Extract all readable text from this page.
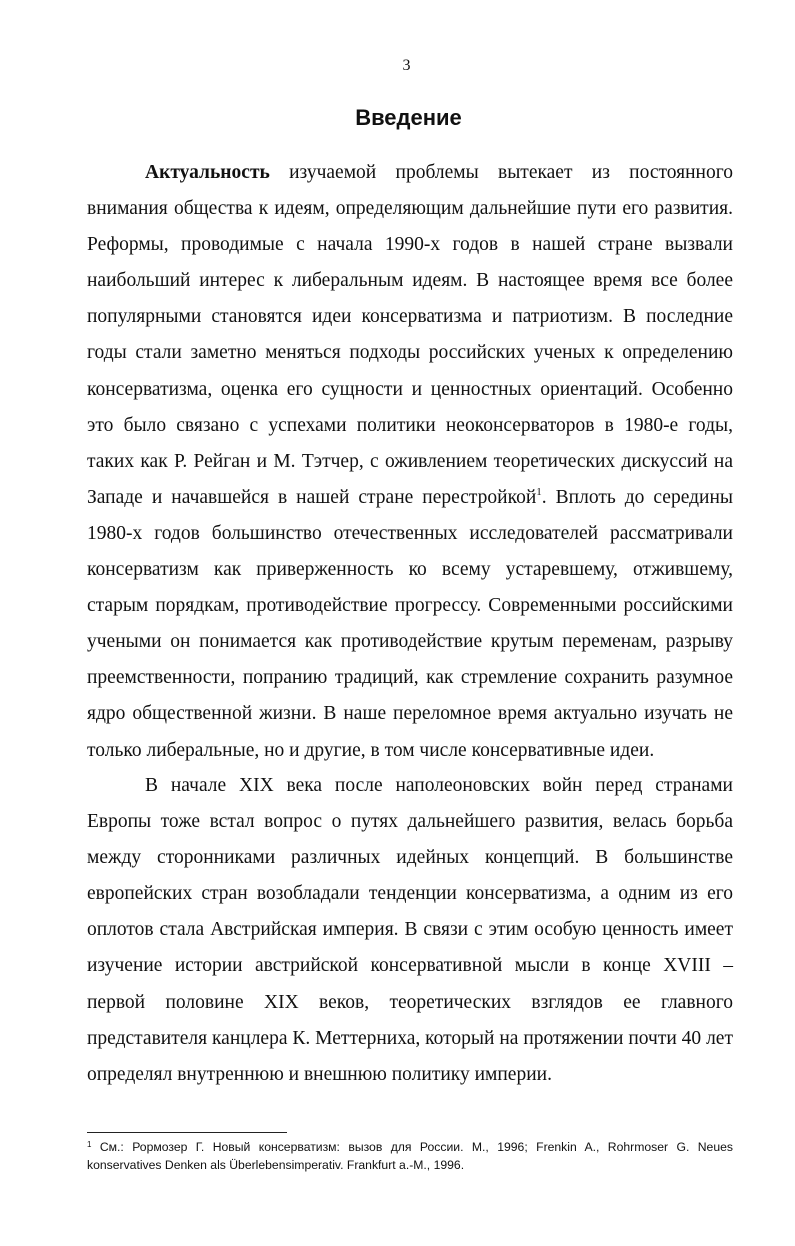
3
Введение
Актуальность изучаемой проблемы вытекает из постоянного внимания общества к идеям, определяющим дальнейшие пути его развития. Реформы, проводимые с начала 1990-х годов в нашей стране вызвали наибольший интерес к либеральным идеям. В настоящее время все более популярными становятся идеи консерватизма и патриотизм. В последние годы стали заметно меняться подходы российских ученых к определению консерватизма, оценка его сущности и ценностных ориентаций. Особенно это было связано с успехами политики неоконсерваторов в 1980-е годы, таких как Р. Рейган и М. Тэтчер, с оживлением теоретических дискуссий на Западе и начавшейся в нашей стране перестройкой$^1$. Вплоть до середины 1980-х годов большинство отечественных исследователей рассматривали консерватизм как приверженность ко всему устаревшему, отжившему, старым порядкам, противодействие прогрессу. Современными российскими учеными он понимается как противодействие крутым переменам, разрыву преемственности, попранию традиций, как стремление сохранить разумное ядро общественной жизни. В наше переломное время актуально изучать не только либеральные, но и другие, в том числе консервативные идеи.
В начале XIX века после наполеоновских войн перед странами Европы тоже встал вопрос о путях дальнейшего развития, велась борьба между сторонниками различных идейных концепций. В большинстве европейских стран возобладали тенденции консерватизма, а одним из его оплотов стала Австрийская империя. В связи с этим особую ценность имеет изучение истории австрийской консервативной мысли в конце XVIII – первой половине XIX веков, теоретических взглядов ее главного представителя канцлера К. Меттерниха, который на протяжении почти 40 лет определял внутреннюю и внешнюю политику империи.
$^1$ См.: Рормозер Г. Новый консерватизм: вызов для России. М., 1996; Frenkin A., Rohrmoser G. Neues konservatives Denken als Überlebensimperativ. Frankfurt a.-M., 1996.
